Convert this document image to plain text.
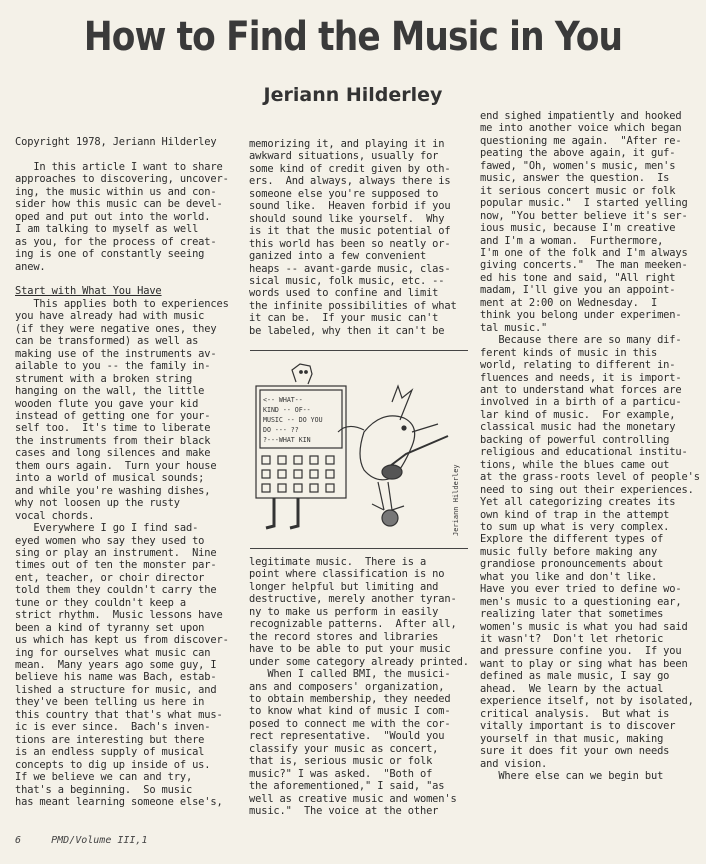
How to Find the Music in You
Jeriann Hilderley
Copyright 1978, Jeriann Hilderley

In this article I want to share
approaches to discovering, uncover-
ing, the music within us and con-
sider how this music can be devel-
oped and put out into the world.
I am talking to myself as well
as you, for the process of creat-
ing is one of constantly seeing
anew.

Start with What You Have
This applies both to experiences
you have already had with music
(if they were negative ones, they
can be transformed) as well as
making use of the instruments av-
ailable to you -- the family in-
strument with a broken string
hanging on the wall, the little
wooden flute you gave your kid
instead of getting one for your-
self too.  It's time to liberate
the instruments from their black
cases and long silences and make
them ours again.  Turn your house
into a world of musical sounds;
and while you're washing dishes,
why not loosen up the rusty
vocal chords.
Everywhere I go I find sad-
eyed women who say they used to
sing or play an instrument.  Nine
times out of ten the monster par-
ent, teacher, or choir director
told them they couldn't carry the
tune or they couldn't keep a
strict rhythm.  Music lessons have
been a kind of tyranny set upon
us which has kept us from discover-
ing for ourselves what music can
mean.  Many years ago some guy, I
believe his name was Bach, estab-
lished a structure for music, and
they've been telling us here in
this country that that's what mus-
ic is ever since.  Bach's inven-
tions are interesting but there
is an endless supply of musical
concepts to dig up inside of us.
If we believe we can and try,
that's a beginning.  So music
has meant learning someone else's,
memorizing it, and playing it in
awkward situations, usually for
some kind of credit given by oth-
ers.  And always, always there is
someone else you're supposed to
sound like.  Heaven forbid if you
should sound like yourself.  Why
is it that the music potential of
this world has been so neatly or-
ganized into a few convenient
heaps -- avant-garde music, clas-
sical music, folk music, etc. --
words used to confine and limit
the infinite possibilities of what
it can be.  If your music can't
be labeled, why then it can't be
<-- WHAT--
KIND -- OF--
MUSIC -- DO YOU
DO --- ??
?---WHAT KIN
Jeriann Hilderley
legitimate music.  There is a
point where classification is no
longer helpful but limiting and
destructive, merely another tyran-
ny to make us perform in easily
recognizable patterns.  After all,
the record stores and libraries
have to be able to put your music
under some category already printed.
When I called BMI, the musici-
ans and composers' organization,
to obtain membership, they needed
to know what kind of music I com-
posed to connect me with the cor-
rect representative.  "Would you
classify your music as concert,
that is, serious music or folk
music?" I was asked.  "Both of
the aforementioned," I said, "as
well as creative music and women's
music."  The voice at the other
end sighed impatiently and hooked
me into another voice which began
questioning me again.  "After re-
peating the above again, it guf-
fawed, "Oh, women's music, men's
music, answer the question.  Is
it serious concert music or folk
popular music."  I started yelling
now, "You better believe it's ser-
ious music, because I'm creative
and I'm a woman.  Furthermore,
I'm one of the folk and I'm always
giving concerts."  The man meeken-
ed his tone and said, "All right
madam, I'll give you an appoint-
ment at 2:00 on Wednesday.  I
think you belong under experimen-
tal music."
Because there are so many dif-
ferent kinds of music in this
world, relating to different in-
fluences and needs, it is import-
ant to understand what forces are
involved in a birth of a particu-
lar kind of music.  For example,
classical music had the monetary
backing of powerful controlling
religious and educational institu-
tions, while the blues came out
at the grass-roots level of people's
need to sing out their experiences.
Yet all categorizing creates its
own kind of trap in the attempt
to sum up what is very complex.
Explore the different types of
music fully before making any
grandiose pronouncements about
what you like and don't like.
Have you ever tried to define wo-
men's music to a questioning ear,
realizing later that sometimes
women's music is what you had said
it wasn't?  Don't let rhetoric
and pressure confine you.  If you
want to play or sing what has been
defined as male music, I say go
ahead.  We learn by the actual
experience itself, not by isolated,
critical analysis.  But what is
vitally important is to discover
yourself in that music, making
sure it does fit your own needs
and vision.
Where else can we begin but
6	PMD/Volume III,1
